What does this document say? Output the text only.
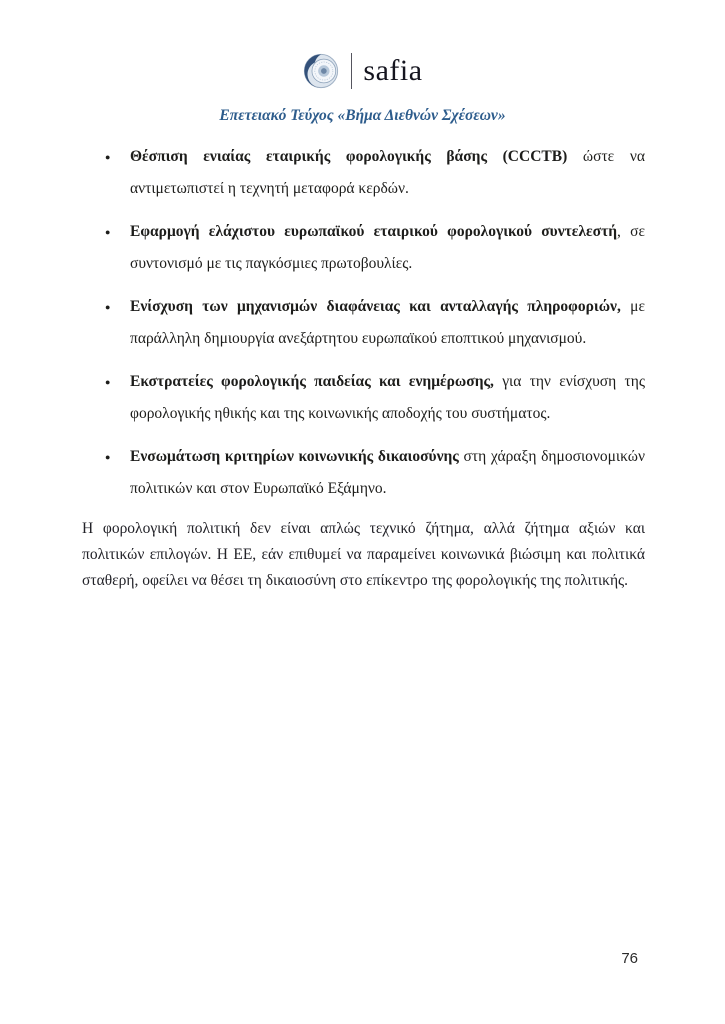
safia
Επετειακό Τεύχος «Βήμα Διεθνών Σχέσεων»
● Θέσπιση ενιαίας εταιρικής φορολογικής βάσης (CCCTB) ώστε να αντιμετωπιστεί η τεχνητή μεταφορά κερδών.
● Εφαρμογή ελάχιστου ευρωπαϊκού εταιρικού φορολογικού συντελεστή, σε συντονισμό με τις παγκόσμιες πρωτοβουλίες.
● Ενίσχυση των μηχανισμών διαφάνειας και ανταλλαγής πληροφοριών, με παράλληλη δημιουργία ανεξάρτητου ευρωπαϊκού εποπτικού μηχανισμού.
● Εκστρατείες φορολογικής παιδείας και ενημέρωσης, για την ενίσχυση της φορολογικής ηθικής και της κοινωνικής αποδοχής του συστήματος.
● Ενσωμάτωση κριτηρίων κοινωνικής δικαιοσύνης στη χάραξη δημοσιονομικών πολιτικών και στον Ευρωπαϊκό Εξάμηνο.

Η φορολογική πολιτική δεν είναι απλώς τεχνικό ζήτημα, αλλά ζήτημα αξιών και πολιτικών επιλογών. Η ΕΕ, εάν επιθυμεί να παραμείνει κοινωνικά βιώσιμη και πολιτικά σταθερή, οφείλει να θέσει τη δικαιοσύνη στο επίκεντρο της φορολογικής της πολιτικής.

76
